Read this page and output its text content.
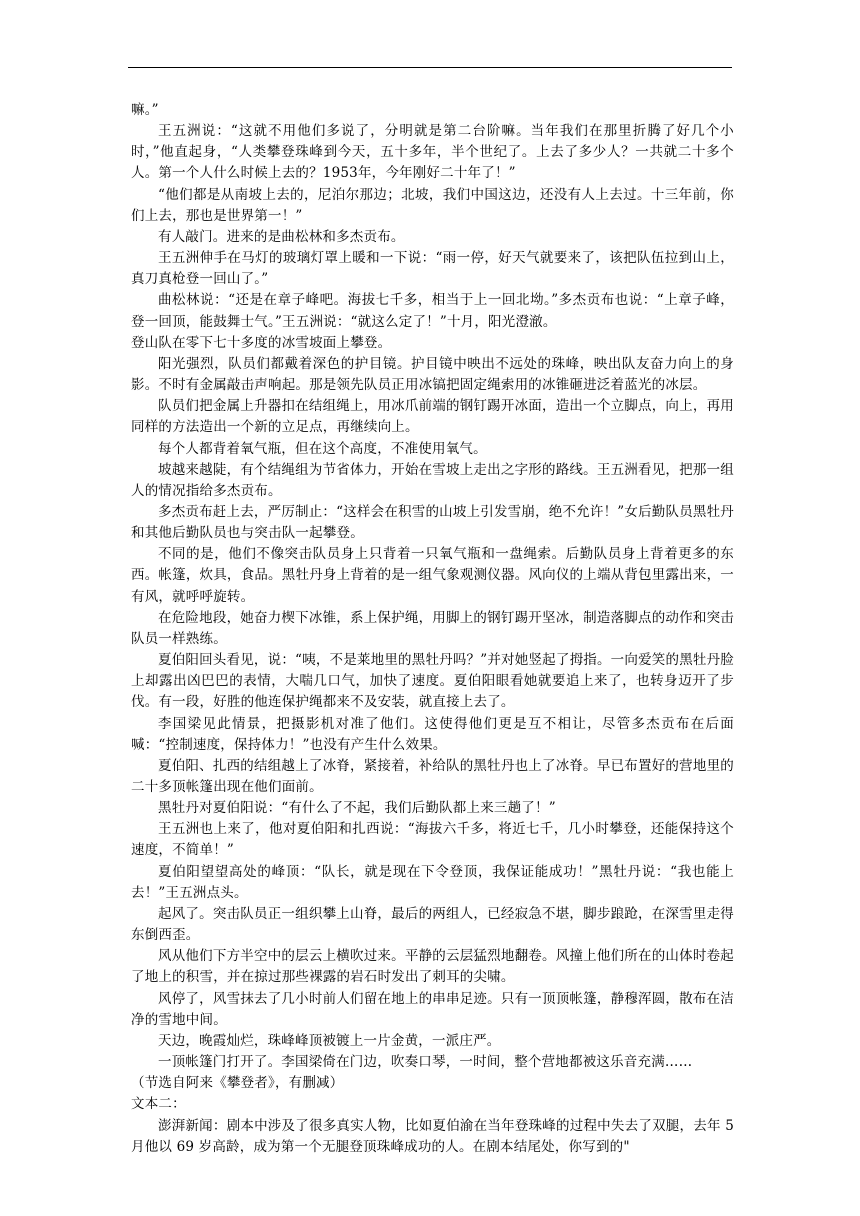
嘛。”

王五洲说：“这就不用他们多说了，分明就是第二台阶嘛。当年我们在那里折腾了好几个小时，”他直起身，“人类攀登珠峰到今天，五十多年，半个世纪了。上去了多少人？一共就二十多个人。第一个人什么时候上去的？1953年，今年刚好二十年了！”

“他们都是从南坡上去的，尼泊尔那边；北坡，我们中国这边，还没有人上去过。十三年前，你们上去，那也是世界第一！”

有人敲门。进来的是曲松林和多杰贡布。

王五洲伸手在马灯的玻璃灯罩上暖和一下说：“雨一停，好天气就要来了，该把队伍拉到山上，真刀真枪登一回山了。”

曲松林说：“还是在章子峰吧。海拔七千多，相当于上一回北坳。”多杰贡布也说：“上章子峰，登一回顶，能鼓舞士气。”王五洲说：“就这么定了！”十月，阳光澄澈。

登山队在零下七十多度的冰雪坡面上攀登。

阳光强烈，队员们都戴着深色的护目镜。护目镜中映出不远处的珠峰，映出队友奋力向上的身影。不时有金属敲击声响起。那是领先队员正用冰镐把固定绳索用的冰锥砸进泛着蓝光的冰层。

队员们把金属上升器扣在结组绳上，用冰爪前端的钢钉踢开冰面，造出一个立脚点，向上，再用同样的方法造出一个新的立足点，再继续向上。

每个人都背着氧气瓶，但在这个高度，不准使用氧气。

坡越来越陡，有个结绳组为节省体力，开始在雪坡上走出之字形的路线。王五洲看见，把那一组人的情况指给多杰贡布。

多杰贡布赶上去，严厉制止：“这样会在积雪的山坡上引发雪崩，绝不允许！”女后勤队员黑牡丹和其他后勤队员也与突击队一起攀登。

不同的是，他们不像突击队员身上只背着一只氧气瓶和一盘绳索。后勤队员身上背着更多的东西。帐篷，炊具，食品。黑牡丹身上背着的是一组气象观测仪器。风向仪的上端从背包里露出来，一有风，就呼呼旋转。

在危险地段，她奋力楔下冰锥，系上保护绳，用脚上的钢钉踢开坚冰，制造落脚点的动作和突击队员一样熟练。

夏伯阳回头看见，说：“咦，不是莱地里的黑牡丹吗？”并对她竖起了拇指。一向爱笑的黑牡丹脸上却露出凶巴巴的表情，大喘几口气，加快了速度。夏伯阳眼看她就要追上来了，也转身迈开了步伐。有一段，好胜的他连保护绳都来不及安装，就直接上去了。

李国梁见此情景，把摄影机对准了他们。这使得他们更是互不相让，尽管多杰贡布在后面喊：“控制速度，保持体力！”也没有产生什么效果。

夏伯阳、扎西的结组越上了冰脊，紧接着，补给队的黑牡丹也上了冰脊。早已布置好的营地里的二十多顶帐篷出现在他们面前。

黑牡丹对夏伯阳说：“有什么了不起，我们后勤队都上来三趟了！”

王五洲也上来了，他对夏伯阳和扎西说：“海拔六千多，将近七千，几小时攀登，还能保持这个速度，不简单！”

夏伯阳望望高处的峰顶：“队长，就是现在下令登顶，我保证能成功！”黑牡丹说：“我也能上去！”王五洲点头。

起风了。突击队员正一组织攀上山脊，最后的两组人，已经寂急不堪，脚步踉跄，在深雪里走得东倒西歪。

风从他们下方半空中的层云上横吹过来。平静的云层猛烈地翻卷。风撞上他们所在的山体时卷起了地上的积雪，并在掠过那些裸露的岩石时发出了刺耳的尖啸。

风停了，风雪抹去了几小时前人们留在地上的串串足迹。只有一顶顶帐篷，静穆浑圆，散布在洁净的雪地中间。

天边，晚霞灿烂，珠峰峰顶被镀上一片金黄，一派庄严。

一顶帐篷门打开了。李国梁倚在门边，吹奏口琴，一时间，整个营地都被这乐音充满……

（节选自阿来《攀登者》，有删减）

文本二：

澎湃新闻：剧本中涉及了很多真实人物，比如夏伯渝在当年登珠峰的过程中失去了双腿，去年 5 月他以 69 岁高龄，成为第一个无腿登顶珠峰成功的人。在剧本结尾处，你写到的"
